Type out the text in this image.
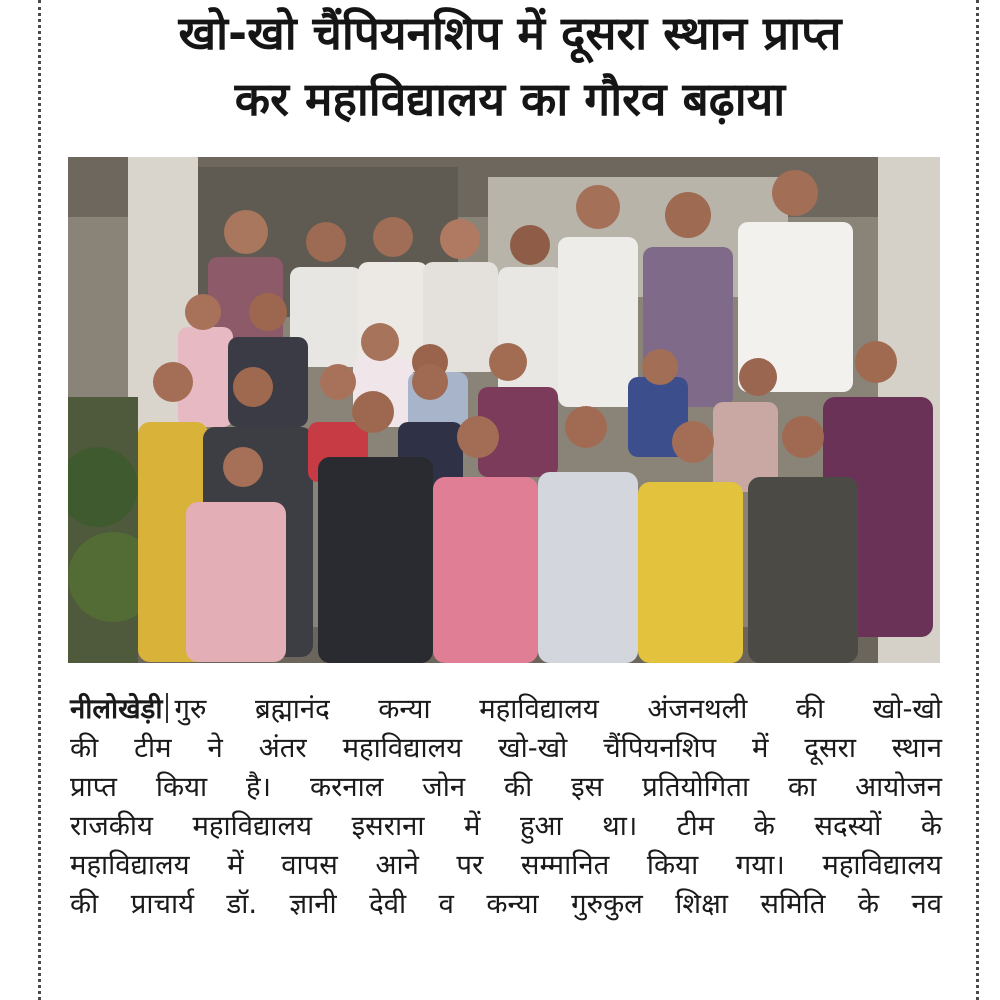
खो-खो चैंपियनशिप में दूसरा स्थान प्राप्त
कर महाविद्यालय का गौरव बढ़ाया
नीलोखेड़ी गुरु ब्रह्मानंद कन्या महाविद्यालय अंजनथली की खो-खो
की टीम ने अंतर महाविद्यालय खो-खो चैंपियनशिप में दूसरा स्थान
प्राप्त किया है। करनाल जोन की इस प्रतियोगिता का आयोजन
राजकीय महाविद्यालय इसराना में हुआ था। टीम के सदस्यों के
महाविद्यालय में वापस आने पर सम्मानित किया गया। महाविद्यालय
की प्राचार्य डॉ. ज्ञानी देवी व कन्या गुरुकुल शिक्षा समिति के नव
